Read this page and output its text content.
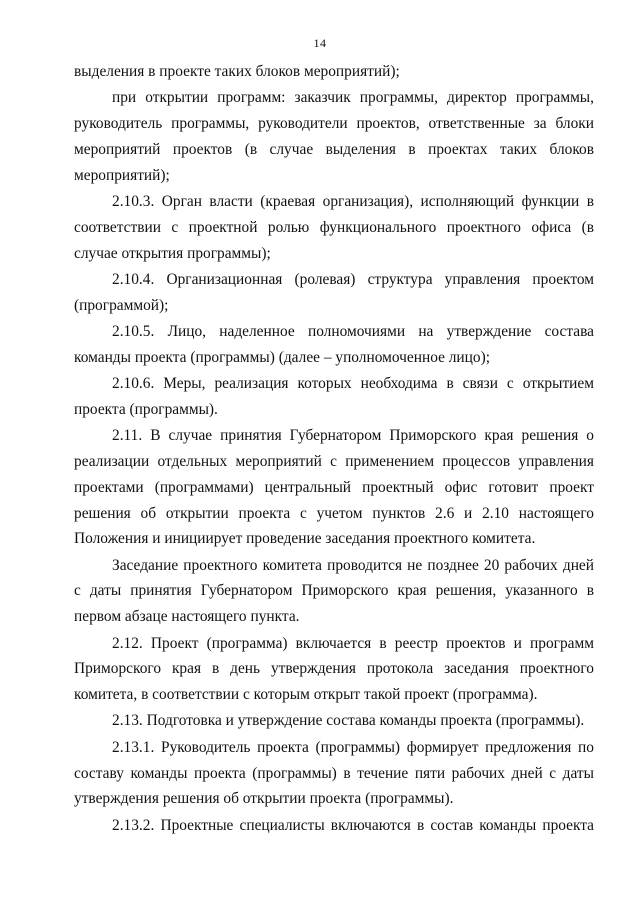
14

выделения в проекте таких блоков мероприятий);

при открытии программ: заказчик программы, директор программы, руководитель программы, руководители проектов, ответственные за блоки мероприятий проектов (в случае выделения в проектах таких блоков мероприятий);

2.10.3. Орган власти (краевая организация), исполняющий функции в соответствии с проектной ролью функционального проектного офиса (в случае открытия программы);

2.10.4. Организационная (ролевая) структура управления проектом (программой);

2.10.5. Лицо, наделенное полномочиями на утверждение состава команды проекта (программы) (далее – уполномоченное лицо);

2.10.6. Меры, реализация которых необходима в связи с открытием проекта (программы).

2.11. В случае принятия Губернатором Приморского края решения о реализации отдельных мероприятий с применением процессов управления проектами (программами) центральный проектный офис готовит проект решения об открытии проекта с учетом пунктов 2.6 и 2.10 настоящего Положения и инициирует проведение заседания проектного комитета.

Заседание проектного комитета проводится не позднее 20 рабочих дней с даты принятия Губернатором Приморского края решения, указанного в первом абзаце настоящего пункта.

2.12. Проект (программа) включается в реестр проектов и программ Приморского края в день утверждения протокола заседания проектного комитета, в соответствии с которым открыт такой проект (программа).

2.13. Подготовка и утверждение состава команды проекта (программы).

2.13.1. Руководитель проекта (программы) формирует предложения по составу команды проекта (программы) в течение пяти рабочих дней с даты утверждения решения об открытии проекта (программы).

2.13.2. Проектные специалисты включаются в состав команды проекта
